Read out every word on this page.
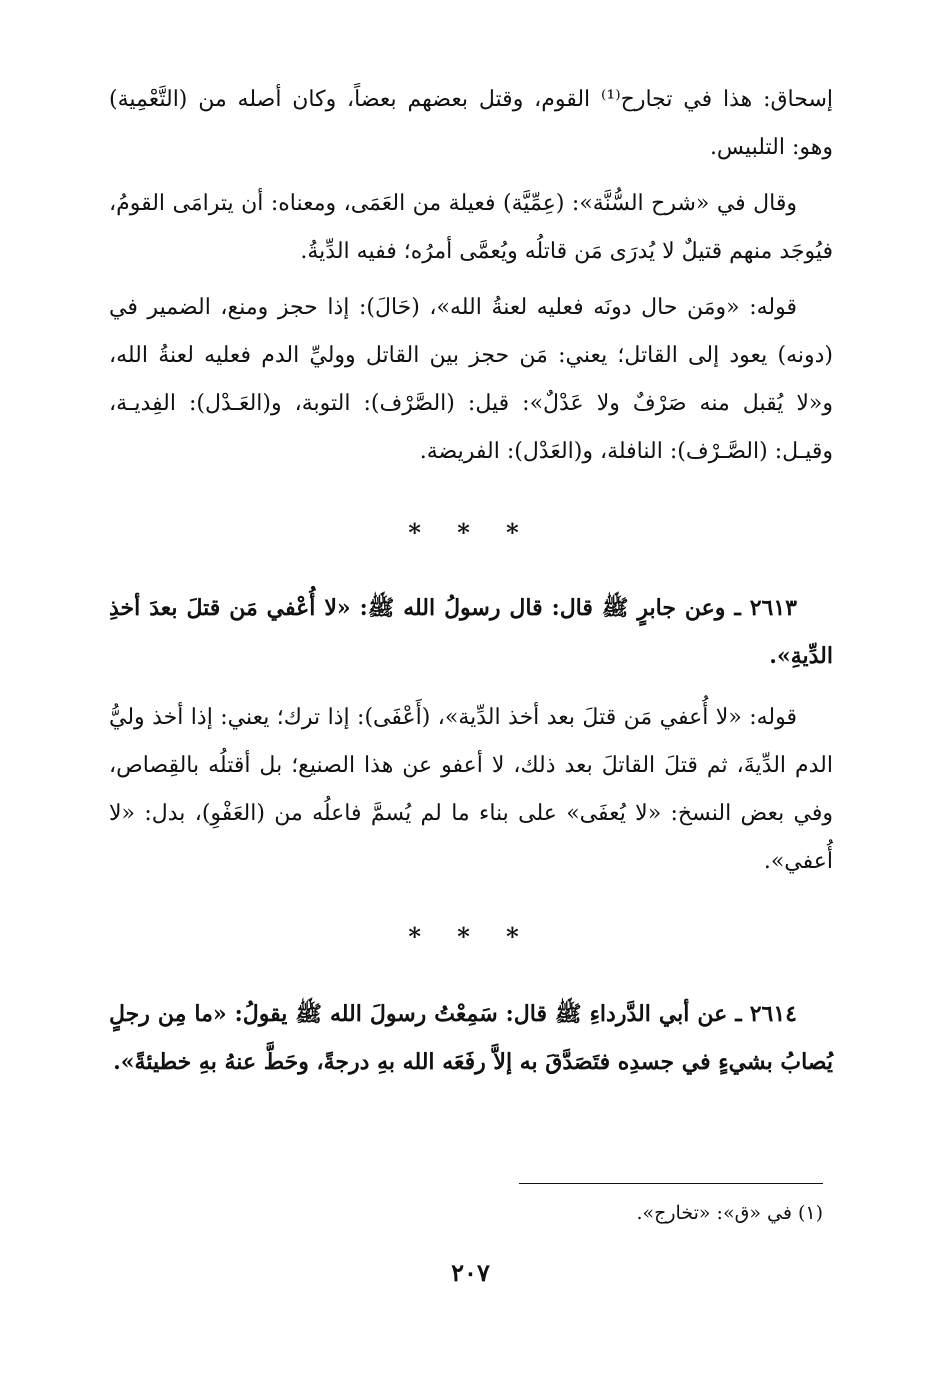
إسحاق: هذا في تجارح⁽¹⁾ القوم، وقتل بعضهم بعضاً، وكان أصله من (التَّعْمِية) وهو: التلبيس.

وقال في «شرح السُّنَّة»: (عِمِّيَّة) فعيلة من العَمَى، ومعناه: أن يترامَى القومُ، فيُوجَد منهم قتيلٌ لا يُدرَى مَن قاتلُه ويُعمَّى أمرُه؛ ففيه الدِّيةُ.

قوله: «ومَن حال دونَه فعليه لعنةُ الله»، (حَالَ): إذا حجز ومنع، الضمير في (دونه) يعود إلى القاتل؛ يعني: مَن حجز بين القاتل ووليِّ الدم فعليه لعنةُ الله، و«لا يُقبل منه صَرْفٌ ولا عَدْلٌ»: قيل: (الصَّرْف): التوبة، و(العَـدْل): الفِديـة، وقيـل: (الصَّـرْف): النافلة، و(العَدْل): الفريضة.

* * *

٢٦١٣ ـ وعن جابرٍ ﷺ قال: قال رسولُ الله ﷺ: «لا أُعْفي مَن قتلَ بعدَ أخذِ الدِّيةِ».

قوله: «لا أُعفي مَن قتلَ بعد أخذ الدِّية»، (أَعْفَى): إذا ترك؛ يعني: إذا أخذ وليُّ الدم الدِّيةَ، ثم قتلَ القاتلَ بعد ذلك، لا أعفو عن هذا الصنيع؛ بل أقتلُه بالقِصاص، وفي بعض النسخ: «لا يُعفَى» على بناء ما لم يُسمَّ فاعلُه من (العَفْوِ)، بدل: «لا أُعفي».

* * *

٢٦١٤ ـ عن أبي الدَّرداءِ ﷺ قال: سَمِعْتُ رسولَ الله ﷺ يقولُ: «ما مِن رجلٍ يُصابُ بشيءٍ في جسدِه فتَصَدَّقَ به إلاَّ رفَعَه الله بهِ درجةً، وحَطَّ عنهُ بهِ خطيئةً».

(١) في «ق»: «تخارج».
٢٠٧
